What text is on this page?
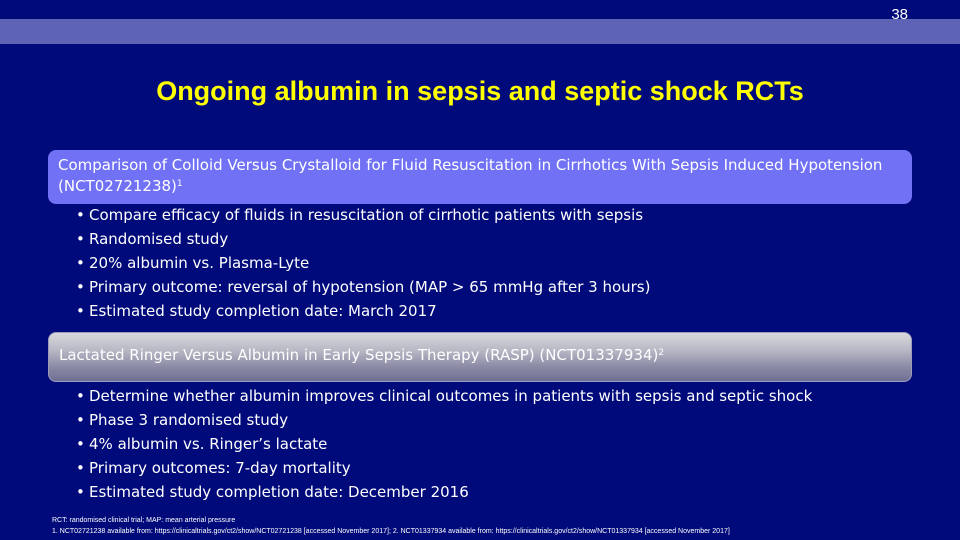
38
Ongoing albumin in sepsis and septic shock RCTs
Comparison of Colloid Versus Crystalloid for Fluid Resuscitation in Cirrhotics With Sepsis Induced Hypotension $(NCT02721238)^1$
• Compare efficacy of fluids in resuscitation of cirrhotic patients with sepsis
• Randomised study
• 20% albumin vs. Plasma-Lyte
• Primary outcome: reversal of hypotension (MAP > 65 mmHg after 3 hours)
• Estimated study completion date: March 2017
Lactated Ringer Versus Albumin in Early Sepsis Therapy (RASP) $(NCT01337934)^2$
• Determine whether albumin improves clinical outcomes in patients with sepsis and septic shock
• Phase 3 randomised study
• 4% albumin vs. Ringer’s lactate
• Primary outcomes: 7-day mortality
• Estimated study completion date: December 2016
RCT: randomised clinical trial; MAP: mean arterial pressure
1. NCT02721238 available from: https://clinicaltrials.gov/ct2/show/NCT02721238 [accessed November 2017]; 2. NCT01337934 available from: https://clinicaltrials.gov/ct2/show/NCT01337934 [accessed November 2017]
